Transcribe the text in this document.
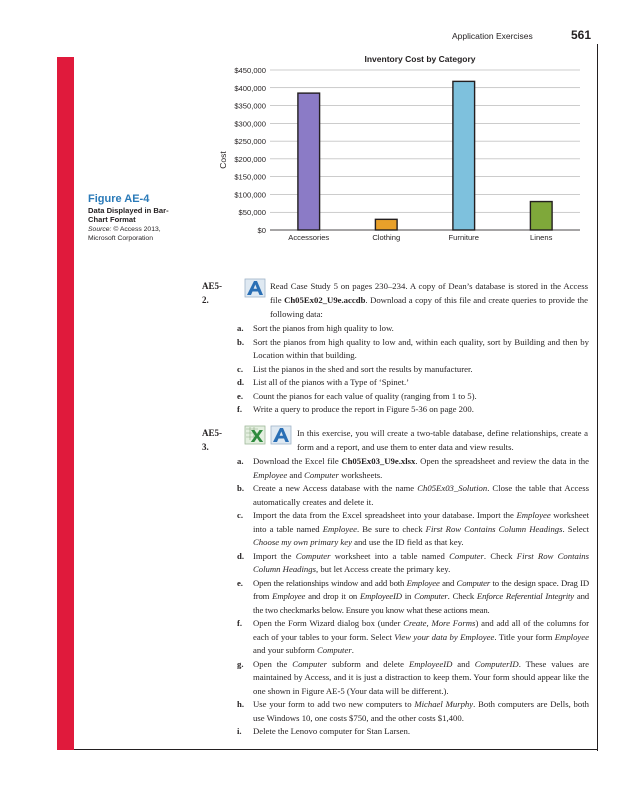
Application Exercises	561
Figure AE-4
Data Displayed in Bar-Chart Format
Source: © Access 2013, Microsoft Corporation
$0
$50,000
$100,000
$150,000
$200,000
$250,000
$300,000
$350,000
$400,000
$450,000
Accessories	Clothing	Furniture	Linens
Inventory Cost by Category
Cost
AE5-2.
Read Case Study 5 on pages 230–234. A copy of Dean’s database is stored in the Access file Ch05Ex02_U9e.accdb. Download a copy of this file and create queries to provide the following data:

a. Sort the pianos from high quality to low.

b. Sort the pianos from high quality to low and, within each quality, sort by Building and then by Location within that building.

c. List the pianos in the shed and sort the results by manufacturer.

d. List all of the pianos with a Type of ‘Spinet.’

e. Count the pianos for each value of quality (ranging from 1 to 5).

f. Write a query to produce the report in Figure 5-36 on page 200.

AE5-3.
In this exercise, you will create a two-table database, define relationships, create a form and a report, and use them to enter data and view results.

a. Download the Excel file Ch05Ex03_U9e.xlsx. Open the spreadsheet and review the data in the Employee and Computer worksheets.

b. Create a new Access database with the name Ch05Ex03_Solution. Close the table that Access automatically creates and delete it.

c. Import the data from the Excel spreadsheet into your database. Import the Employee worksheet into a table named Employee. Be sure to check First Row Contains Column Headings. Select Choose my own primary key and use the ID field as that key.

d. Import the Computer worksheet into a table named Computer. Check First Row Contains Column Headings, but let Access create the primary key.

e. Open the relationships window and add both Employee and Computer to the design space. Drag ID from Employee and drop it on EmployeeID in Computer. Check Enforce Referential Integrity and the two checkmarks below. Ensure you know what these actions mean.

f. Open the Form Wizard dialog box (under Create, More Forms) and add all of the columns for each of your tables to your form. Select View your data by Employee. Title your form Employee and your subform Computer.

g. Open the Computer subform and delete EmployeeID and ComputerID. These values are maintained by Access, and it is just a distraction to keep them. Your form should appear like the one shown in Figure AE-5 (Your data will be different.).

h. Use your form to add two new computers to Michael Murphy. Both computers are Dells, both use Windows 10, one costs $750, and the other costs $1,400.

i. Delete the Lenovo computer for Stan Larsen.
